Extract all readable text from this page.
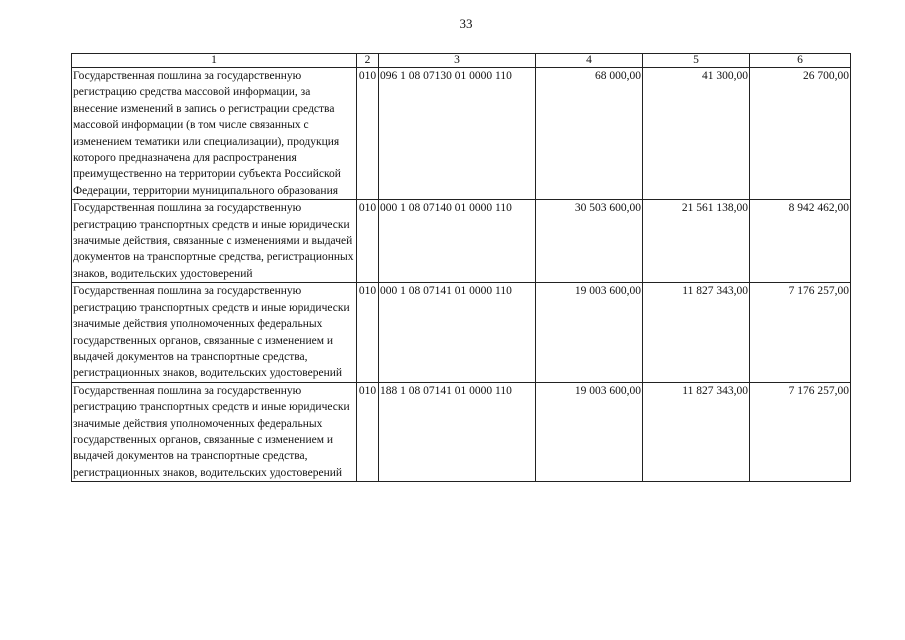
33
1	2	3	4	5	6
Государственная пошлина за государственную регистрацию средства массовой информации, за внесение изменений в запись о регистрации средства массовой информации (в том числе связанных с изменением тематики или специализации), продукция которого предназначена для распространения преимущественно на территории субъекта Российской Федерации, территории муниципального образования	010	096 1 08 07130 01 0000 110	68 000,00	41 300,00	26 700,00
Государственная пошлина за государственную регистрацию транспортных средств и иные юридически значимые действия, связанные с изменениями и выдачей документов на транспортные средства, регистрационных знаков, водительских удостоверений	010	000 1 08 07140 01 0000 110	30 503 600,00	21 561 138,00	8 942 462,00
Государственная пошлина за государственную регистрацию транспортных средств и иные юридически значимые действия уполномоченных федеральных государственных органов, связанные с изменением и выдачей документов на транспортные средства, регистрационных знаков, водительских удостоверений	010	000 1 08 07141 01 0000 110	19 003 600,00	11 827 343,00	7 176 257,00
Государственная пошлина за государственную регистрацию транспортных средств и иные юридически значимые действия уполномоченных федеральных государственных органов, связанные с изменением и выдачей документов на транспортные средства, регистрационных знаков, водительских удостоверений	010	188 1 08 07141 01 0000 110	19 003 600,00	11 827 343,00	7 176 257,00
